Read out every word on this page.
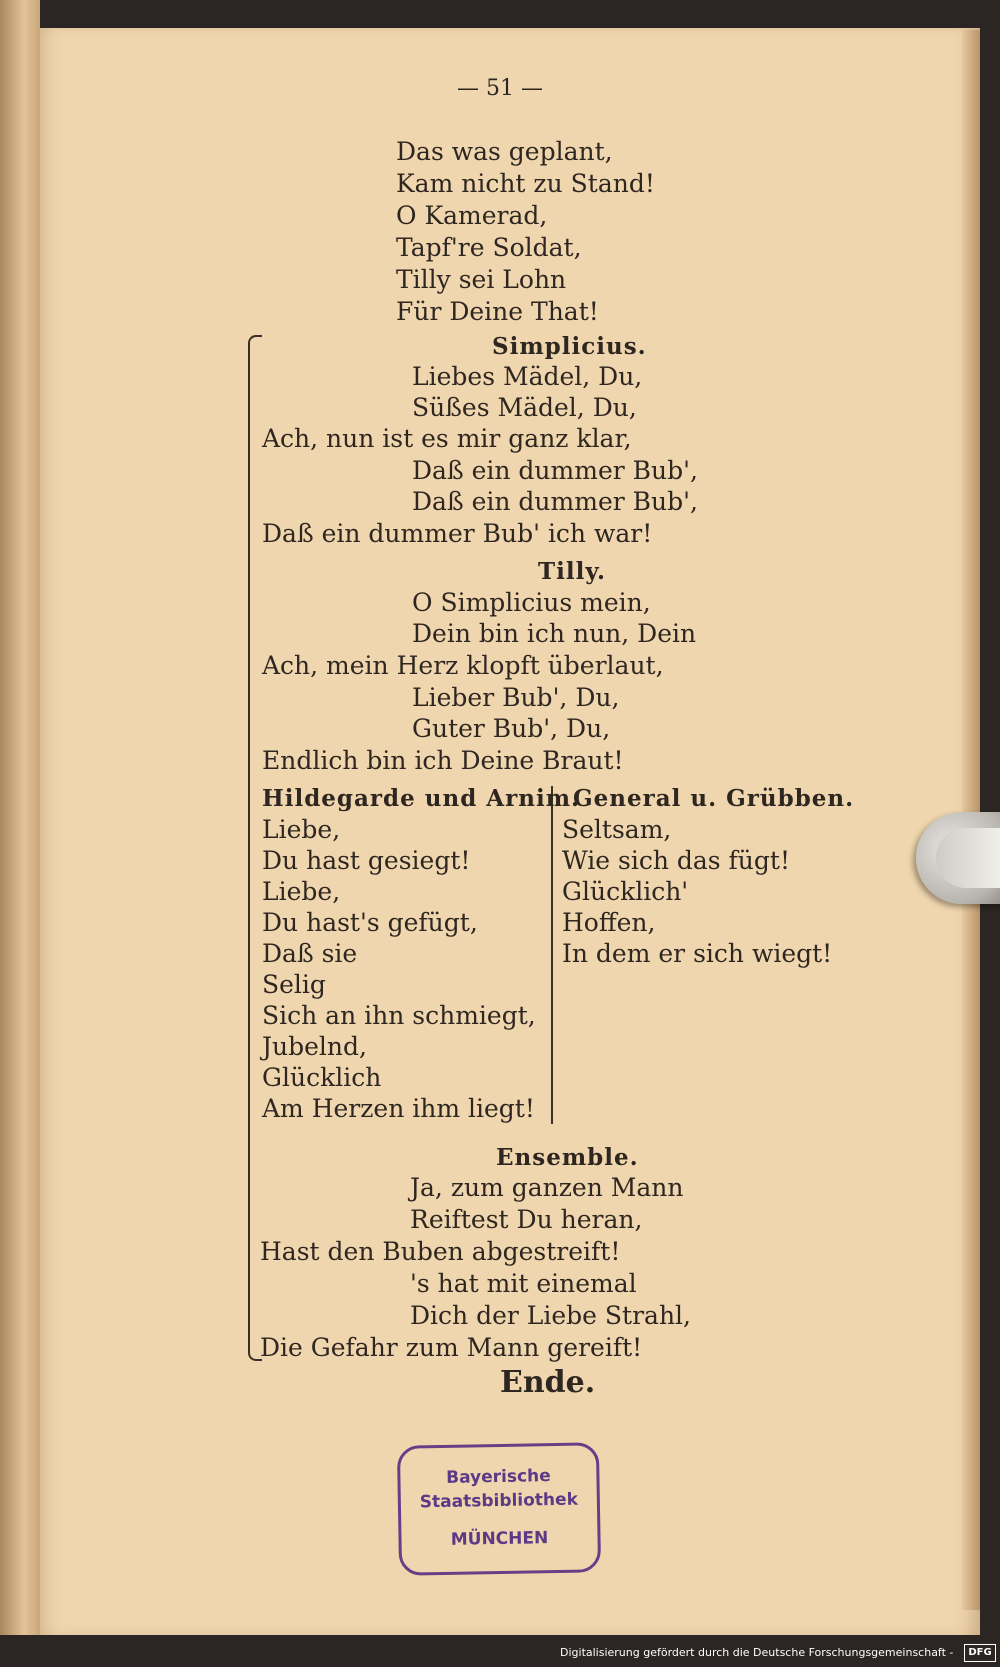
— 51 —
Das was geplant,
Kam nicht zu Stand!
O Kamerad,
Tapf're Soldat,
Tilly sei Lohn
Für Deine That!
Simplicius.
Liebes Mädel, Du,
Süßes Mädel, Du,
Ach, nun ist es mir ganz klar,
Daß ein dummer Bub',
Daß ein dummer Bub',
Daß ein dummer Bub' ich war!
Tilly.
O Simplicius mein,
Dein bin ich nun, Dein
Ach, mein Herz klopft überlaut,
Lieber Bub', Du,
Guter Bub', Du,
Endlich bin ich Deine Braut!
Hildegarde und Arnim.
Liebe,
Du hast gesiegt!
Liebe,
Du hast's gefügt,
Daß sie
Selig
Sich an ihn schmiegt,
Jubelnd,
Glücklich
Am Herzen ihm liegt!
General u. Grübben.
Seltsam,
Wie sich das fügt!
Glücklich'
Hoffen,
In dem er sich wiegt!
Ensemble.
Ja, zum ganzen Mann
Reiftest Du heran,
Hast den Buben abgestreift!
's hat mit einemal
Dich der Liebe Strahl,
Die Gefahr zum Mann gereift!
Ende.
Bayerische
Staatsbibliothek
MÜNCHEN
Digitalisierung gefördert durch die Deutsche Forschungsgemeinschaft -	DFG
